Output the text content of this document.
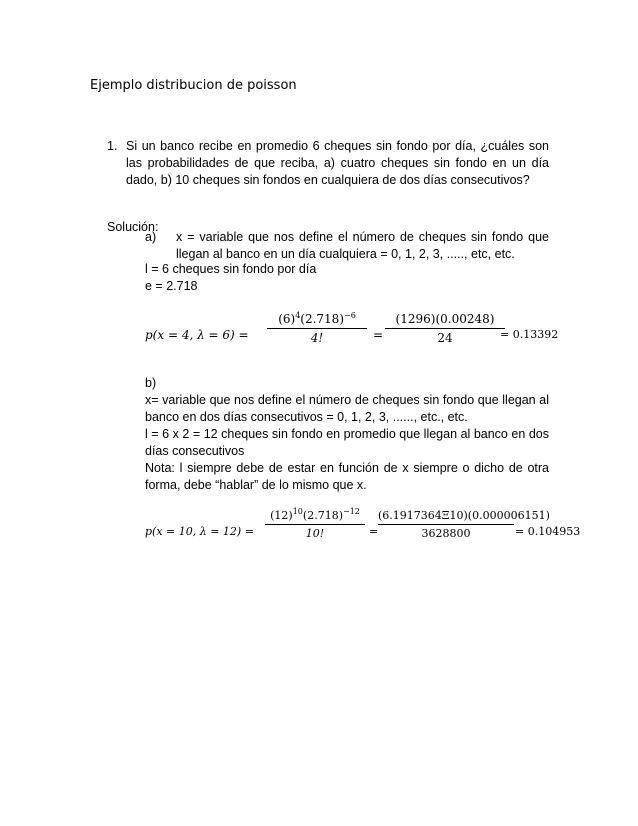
Ejemplo distribucion de poisson
1. Si un banco recibe en promedio 6 cheques sin fondo por día, ¿cuáles son las probabilidades de que reciba, a) cuatro cheques sin fondo en un día dado, b) 10 cheques sin fondos en cualquiera de dos días consecutivos?
Solución:
a) x = variable que nos define el número de cheques sin fondo que llegan al banco en un día cualquiera = 0, 1, 2, 3, ....., etc, etc.
l = 6 cheques sin fondo por día
e = 2.718
p(x = 4, λ = 6) =
$(6)^4(2.718)^{-6}$
4!	=
(1296)(0.00248)
24	= 0.13392

b)

x= variable que nos define el número de cheques sin fondo que llegan al banco en dos días consecutivos = 0, 1, 2, 3, ......, etc., etc.

l = 6 x 2 = 12 cheques sin fondo en promedio que llegan al banco en dos días consecutivos

Nota: l siempre debe de estar en función de x siempre o dicho de otra forma, debe “hablar” de lo mismo que x.

p(x = 10, λ = 12) =
$(12)^{10}(2.718)^{-12}$
10!	=
(6.1917364Ξ10)(0.000006151)
3628800	= 0.104953
